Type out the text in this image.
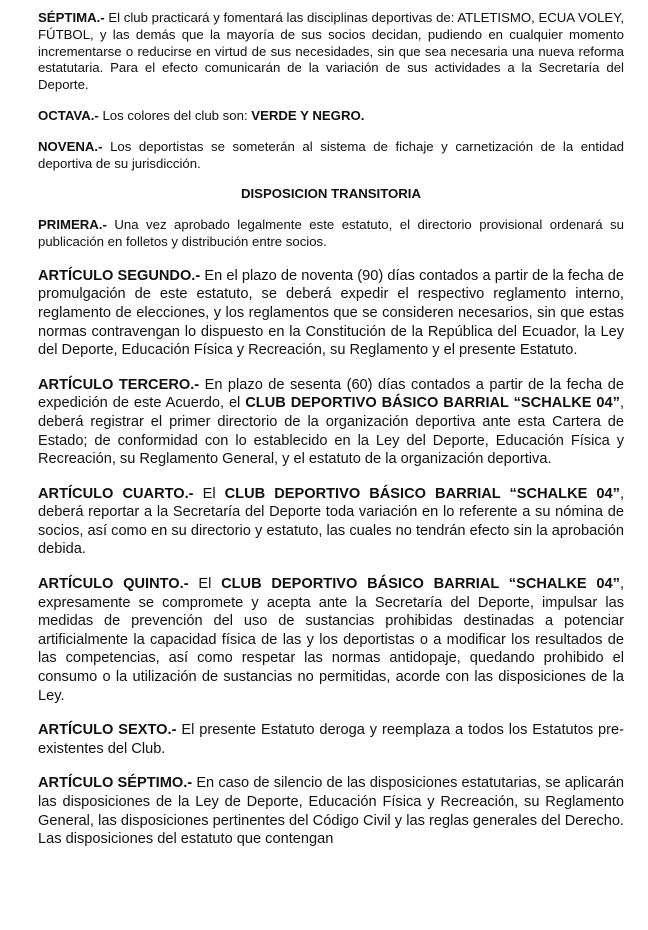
SÉPTIMA.- El club practicará y fomentará las disciplinas deportivas de: ATLETISMO, ECUA VOLEY, FÚTBOL, y las demás que la mayoría de sus socios decidan, pudiendo en cualquier momento incrementarse o reducirse en virtud de sus necesidades, sin que sea necesaria una nueva reforma estatutaria. Para el efecto comunicarán de la variación de sus actividades a la Secretaría del Deporte.

OCTAVA.- Los colores del club son: VERDE Y NEGRO.

NOVENA.- Los deportistas se someterán al sistema de fichaje y carnetización de la entidad deportiva de su jurisdicción.

DISPOSICION TRANSITORIA

PRIMERA.- Una vez aprobado legalmente este estatuto, el directorio provisional ordenará su publicación en folletos y distribución entre socios.

ARTÍCULO SEGUNDO.- En el plazo de noventa (90) días contados a partir de la fecha de promulgación de este estatuto, se deberá expedir el respectivo reglamento interno, reglamento de elecciones, y los reglamentos que se consideren necesarios, sin que estas normas contravengan lo dispuesto en la Constitución de la República del Ecuador, la Ley del Deporte, Educación Física y Recreación, su Reglamento y el presente Estatuto.

ARTÍCULO TERCERO.- En plazo de sesenta (60) días contados a partir de la fecha de expedición de este Acuerdo, el CLUB DEPORTIVO BÁSICO BARRIAL “SCHALKE 04”, deberá registrar el primer directorio de la organización deportiva ante esta Cartera de Estado; de conformidad con lo establecido en la Ley del Deporte, Educación Física y Recreación, su Reglamento General, y el estatuto de la organización deportiva.

ARTÍCULO CUARTO.- El CLUB DEPORTIVO BÁSICO BARRIAL “SCHALKE 04”, deberá reportar a la Secretaría del Deporte toda variación en lo referente a su nómina de socios, así como en su directorio y estatuto, las cuales no tendrán efecto sin la aprobación debida.

ARTÍCULO QUINTO.- El CLUB DEPORTIVO BÁSICO BARRIAL “SCHALKE 04”, expresamente se compromete y acepta ante la Secretaría del Deporte, impulsar las medidas de prevención del uso de sustancias prohibidas destinadas a potenciar artificialmente la capacidad física de las y los deportistas o a modificar los resultados de las competencias, así como respetar las normas antidopaje, quedando prohibido el consumo o la utilización de sustancias no permitidas, acorde con las disposiciones de la Ley.

ARTÍCULO SEXTO.- El presente Estatuto deroga y reemplaza a todos los Estatutos pre-existentes del Club.

ARTÍCULO SÉPTIMO.- En caso de silencio de las disposiciones estatutarias, se aplicarán las disposiciones de la Ley de Deporte, Educación Física y Recreación, su Reglamento General, las disposiciones pertinentes del Código Civil y las reglas generales del Derecho. Las disposiciones del estatuto que contengan
